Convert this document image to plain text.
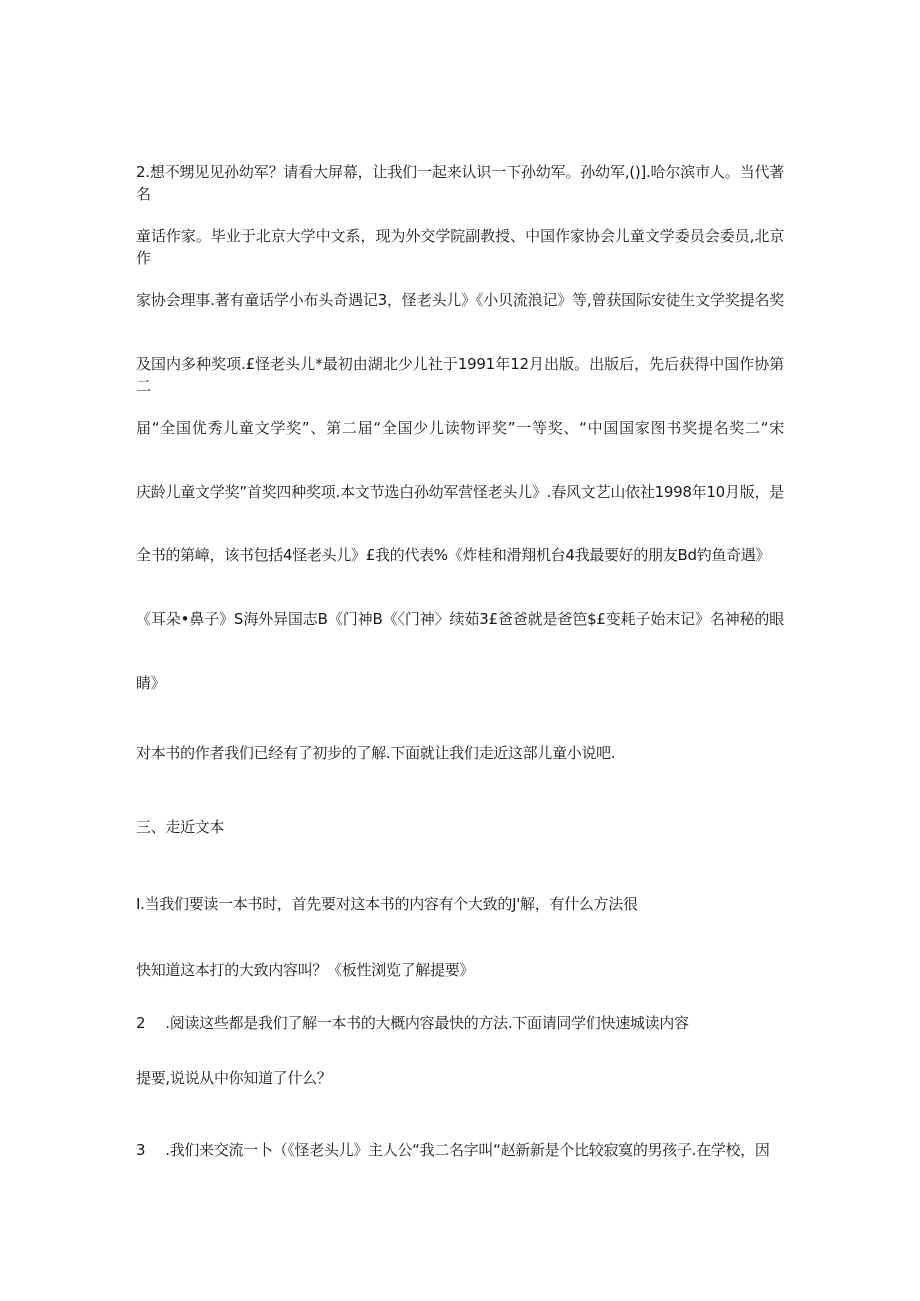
2.想不甥见见孙幼军？请看大屏幕，让我们一起来认识一下孙幼军。孙幼军,()].哈尔滨市人。当代著名
童话作家。毕业于北京大学中文系，现为外交学院副教授、中国作家协会儿童文学委员会委员,北京作
家协会理事.著有童话学小布头奇遇记3，怪老头儿》《小贝流浪记》等,曾获国际安徒生文学奖提名奖
及国内多种奖项.£怪老头儿*最初由湖北少儿社于1991年12月出版。出版后，先后获得中国作协第二
届“全国优秀儿童文学奖”、第二届“全国少儿读物评奖”一等奖、“中国国家图书奖提名奖二“宋
庆龄儿童文学奖”首奖四种奖项.本文节选白孙幼军营怪老头儿》.春风文艺山依社1998年10月版，是
全书的第嶂，该书包括4怪老头儿》£我的代表%《炸桂和滑翔机台4我最要好的朋友Bd钓鱼奇遇》
《耳朵•鼻子》S海外异国志B《门神B《〈门神〉续茹3£爸爸就是爸笆$£变耗子始末记》名神秘的眼
睛》
对本书的作者我们已经有了初步的了解.下面就让我们走近这部儿童小说吧.
三、走近文本
I.当我们要读一本书时，首先要对这本书的内容有个大致的J'解，有什么方法很
快知道这本打的大致内容叫？《板性浏览了解提要》
2 .阅读这些都是我们了解一本书的大概内容最快的方法.下面请同学们快速城读内容
提要,说说从中你知道了什么？
3 .我们来交流一卜（《怪老头儿》主人公“我二名字叫“赵新新是个比较寂寞的男孩子.在学校，因
